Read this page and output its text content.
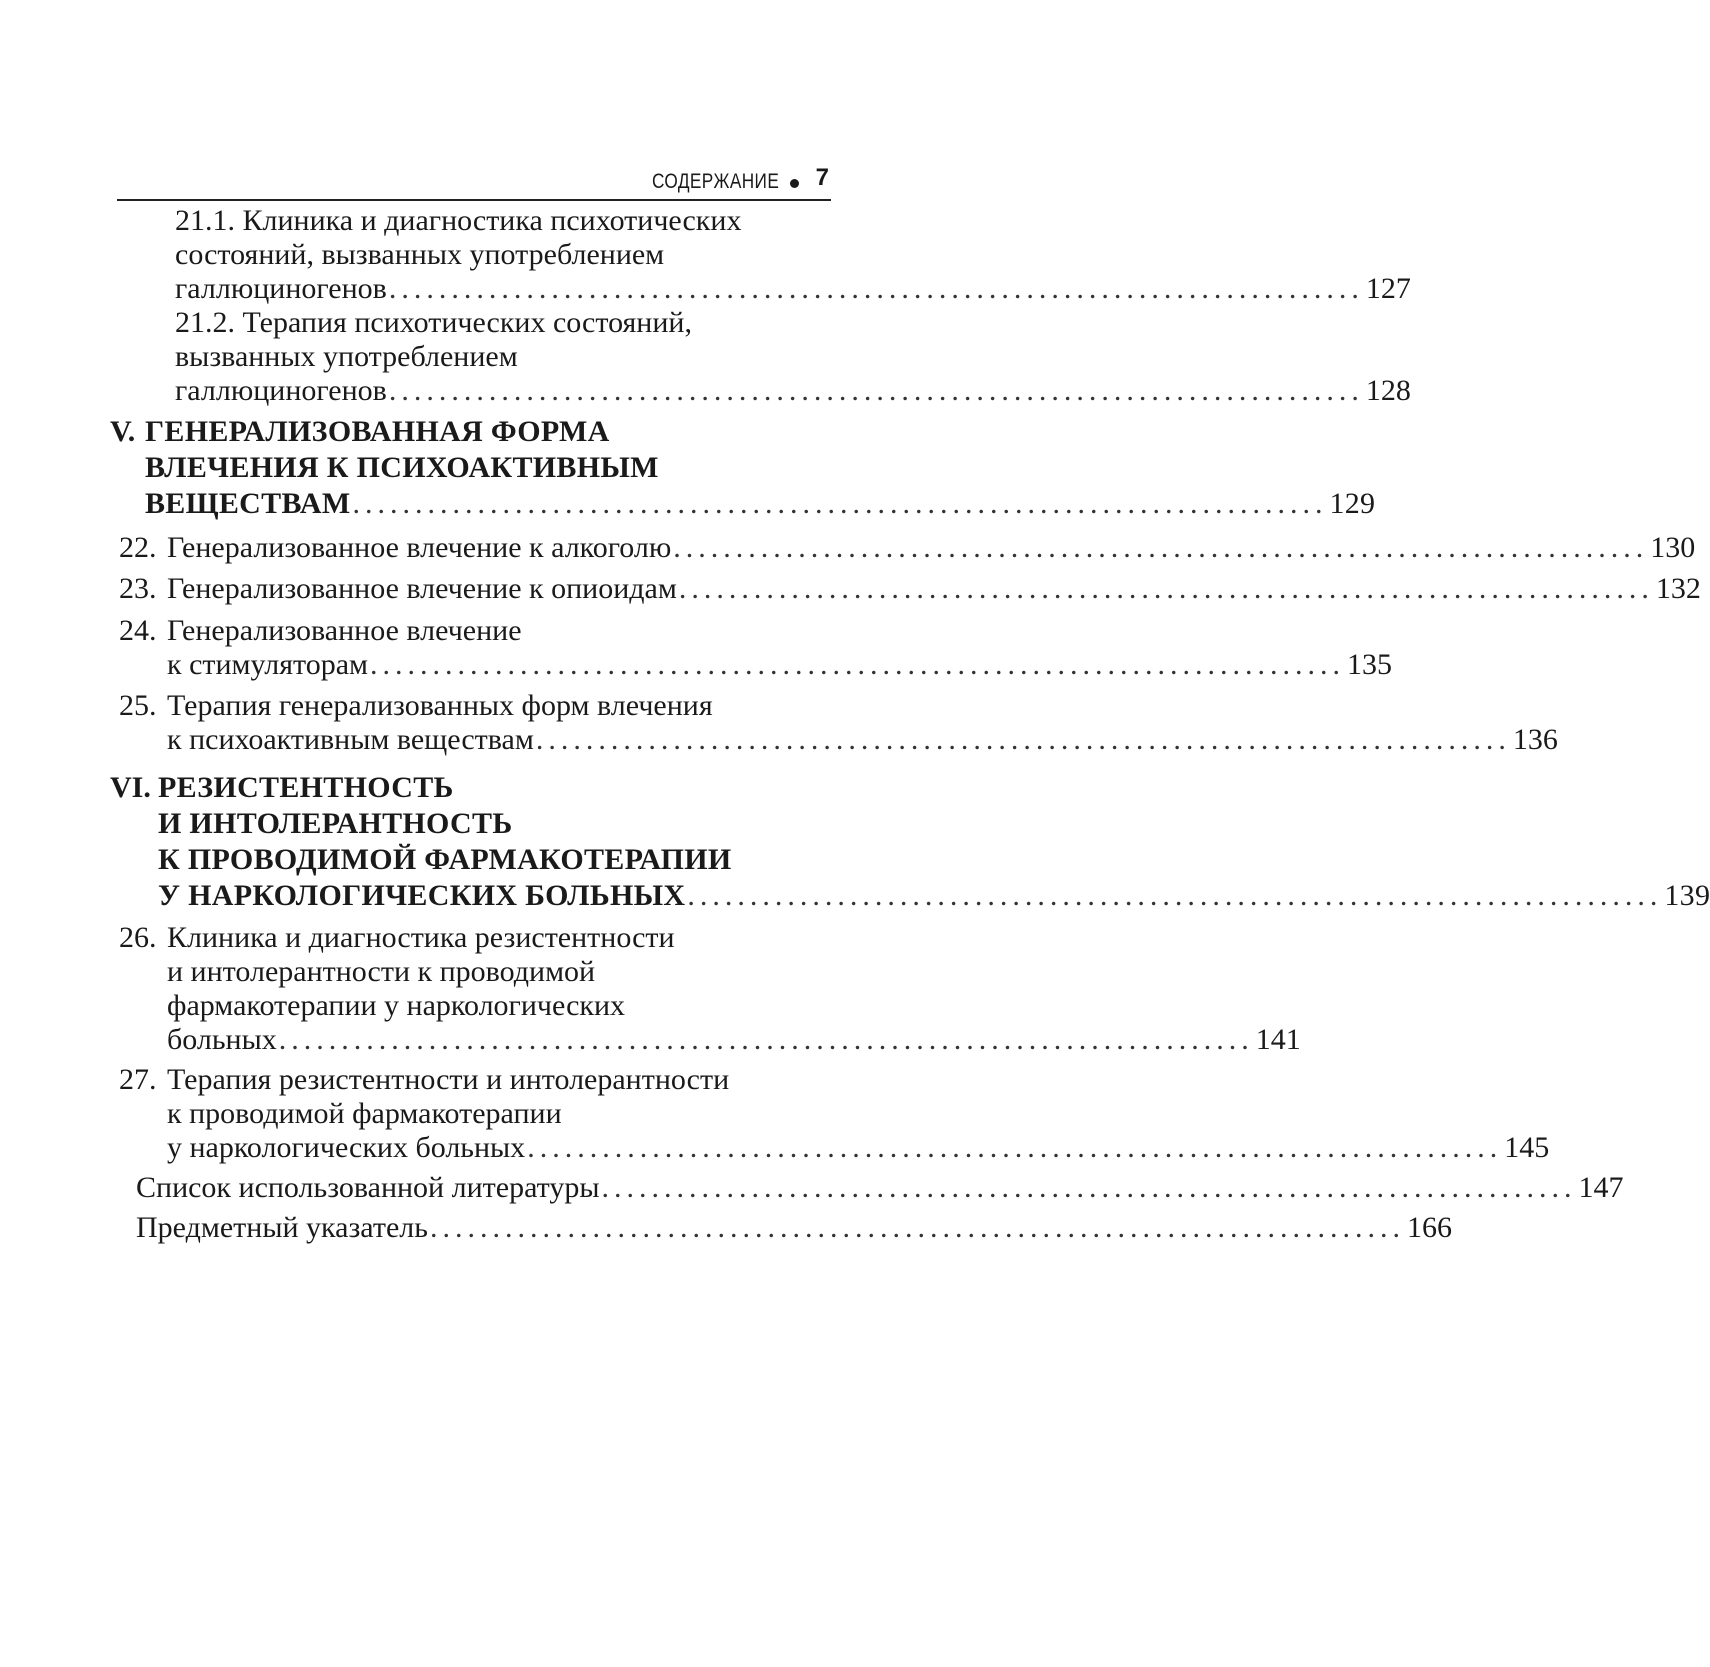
СОДЕРЖАНИЕ 7
21.1. Клиника и диагностика психотических
состояний, вызванных употреблением
галлюциногенов .............................................................................. 127
21.2. Терапия психотических состояний,
вызванных употреблением
галлюциногенов .............................................................................. 128
V. ГЕНЕРАЛИЗОВАННАЯ ФОРМА
ВЛЕЧЕНИЯ К ПСИХОАКТИВНЫМ
ВЕЩЕСТВАМ .............................................................................. 129
22. Генерализованное влечение к алкоголю .............................................................................. 130
23. Генерализованное влечение к опиоидам .............................................................................. 132
24. Генерализованное влечение
к стимуляторам .............................................................................. 135
25. Терапия генерализованных форм влечения
к психоактивным веществам .............................................................................. 136
VI. РЕЗИСТЕНТНОСТЬ
И ИНТОЛЕРАНТНОСТЬ
К ПРОВОДИМОЙ ФАРМАКОТЕРАПИИ
У НАРКОЛОГИЧЕСКИХ БОЛЬНЫХ .............................................................................. 139
26. Клиника и диагностика резистентности
и интолерантности к проводимой
фармакотерапии у наркологических
больных .............................................................................. 141
27. Терапия резистентности и интолерантности
к проводимой фармакотерапии
у наркологических больных .............................................................................. 145
Список использованной литературы .............................................................................. 147
Предметный указатель .............................................................................. 166
